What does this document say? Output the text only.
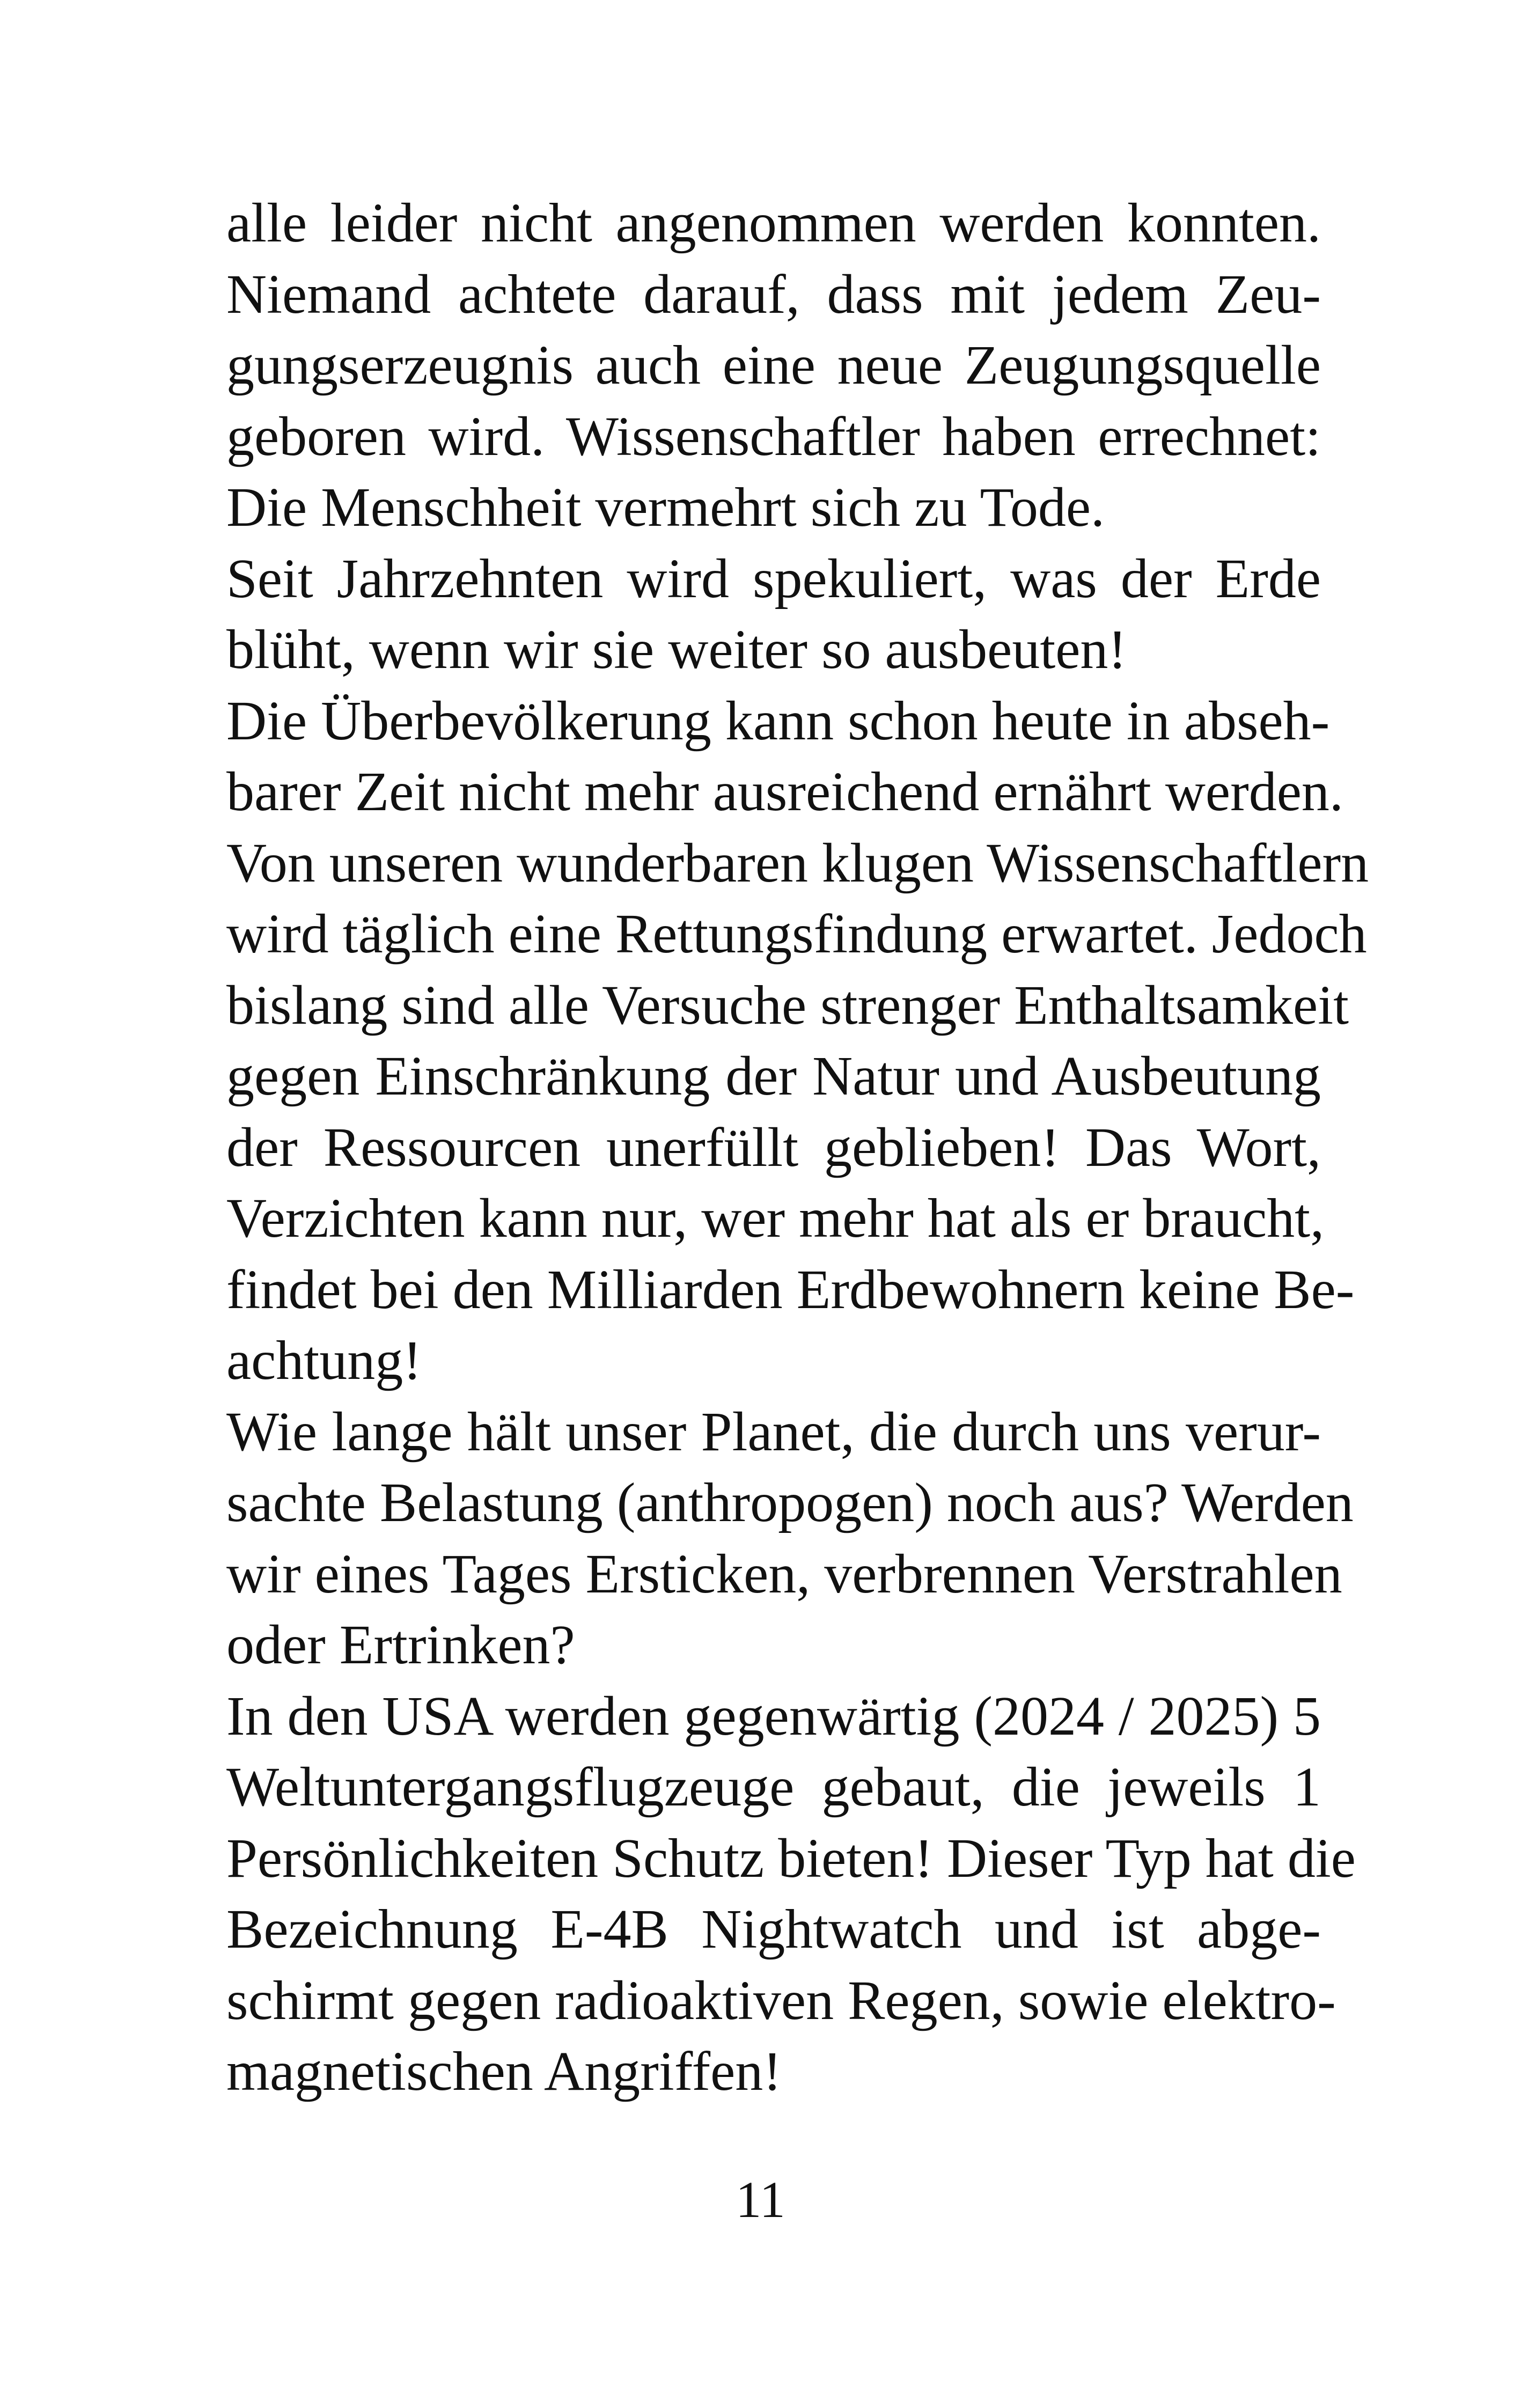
alle leider nicht angenommen werden konnten.
Niemand achtete darauf, dass mit jedem Zeu-
gungserzeugnis auch eine neue Zeugungsquelle
geboren wird. Wissenschaftler haben errechnet:
Die Menschheit vermehrt sich zu Tode.
Seit Jahrzehnten wird spekuliert, was der Erde
blüht, wenn wir sie weiter so ausbeuten!
Die Überbevölkerung kann schon heute in abseh-
barer Zeit nicht mehr ausreichend ernährt werden.
Von unseren wunderbaren klugen Wissenschaftlern
wird täglich eine Rettungsfindung erwartet. Jedoch
bislang sind alle Versuche strenger Enthaltsamkeit
gegen Einschränkung der Natur und Ausbeutung
der Ressourcen unerfüllt geblieben! Das Wort,
Verzichten kann nur, wer mehr hat als er braucht,
findet bei den Milliarden Erdbewohnern keine Be-
achtung!
Wie lange hält unser Planet, die durch uns verur-
sachte Belastung (anthropogen) noch aus? Werden
wir eines Tages Ersticken, verbrennen Verstrahlen
oder Ertrinken?
In den USA werden gegenwärtig (2024 / 2025) 5
Weltuntergangsflugzeuge gebaut, die jeweils 1
Persönlichkeiten Schutz bieten! Dieser Typ hat die
Bezeichnung E-4B Nightwatch und ist abge-
schirmt gegen radioaktiven Regen, sowie elektro-
magnetischen Angriffen!
11
